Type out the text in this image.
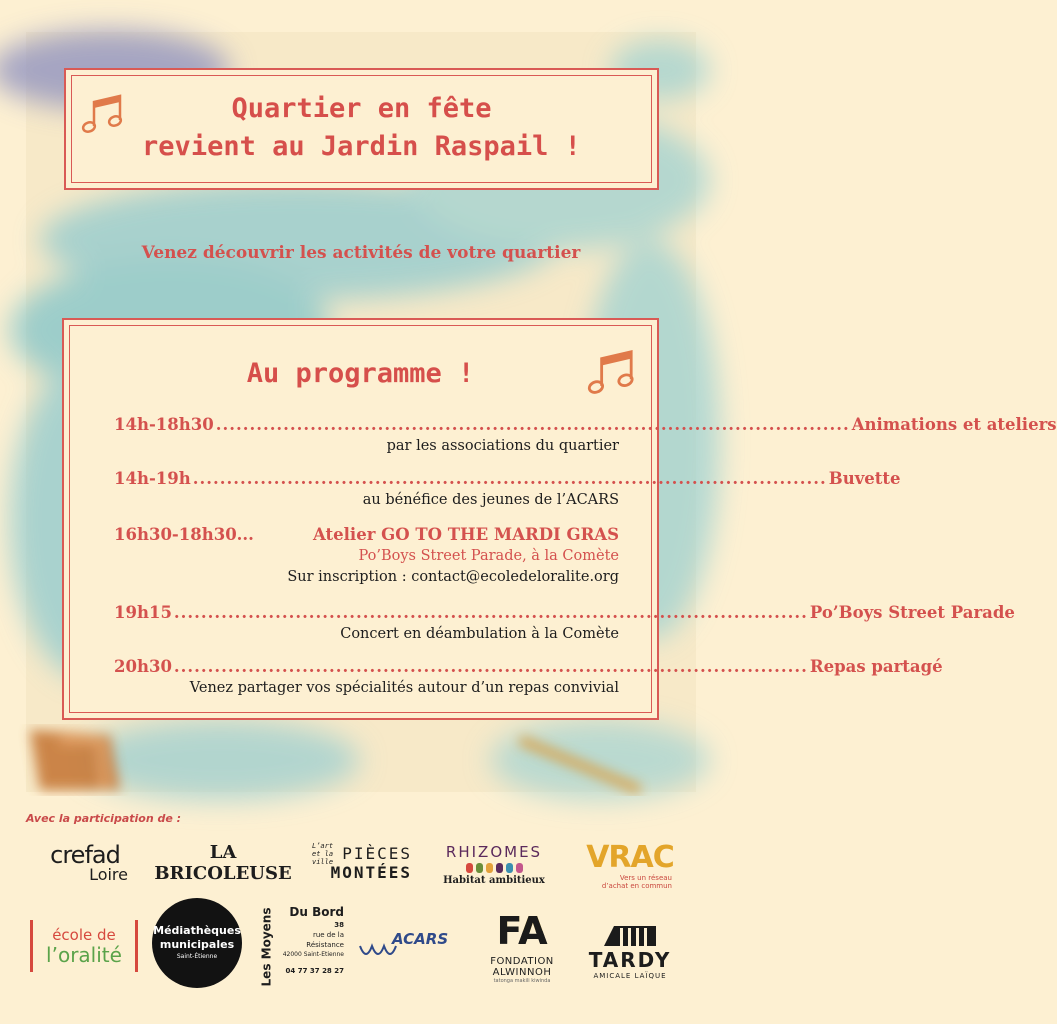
Quartier en fête
revient au Jardin Raspail !
Venez découvrir les activités de votre quartier
Au programme !
14h-18h30 .............................................................................................. Animations et ateliers
par les associations du quartier
14h-19h .............................................................................................. Buvette
au bénéfice des jeunes de l’ACARS
16h30-18h30...	Atelier GO TO THE MARDI GRAS
Po’Boys Street Parade, à la Comète
Sur inscription : contact@ecoledeloralite.org
19h15 .............................................................................................. Po’Boys Street Parade
Concert en déambulation à la Comète
20h30 .............................................................................................. Repas partagé
Venez partager vos spécialités autour d’un repas convivial
Avec la participation de :
crefad
Loire
LA BRICOLEUSE
L’art et la ville PIÈCES
MONTÉES
RHIZOMES
Habitat ambitieux
VRAC
Vers un réseau
d’achat en commun
école de
l’oralité
Médiathèques
municipales
Saint-Étienne	Les Moyens	Du Bord
38
rue de la
Résistance
42000 Saint-Etienne
04 77 37 28 27
ACARS FA
FONDATION ALWINNOH
tatonga makili kiwinda
TARDY
AMICALE LAÏQUE
